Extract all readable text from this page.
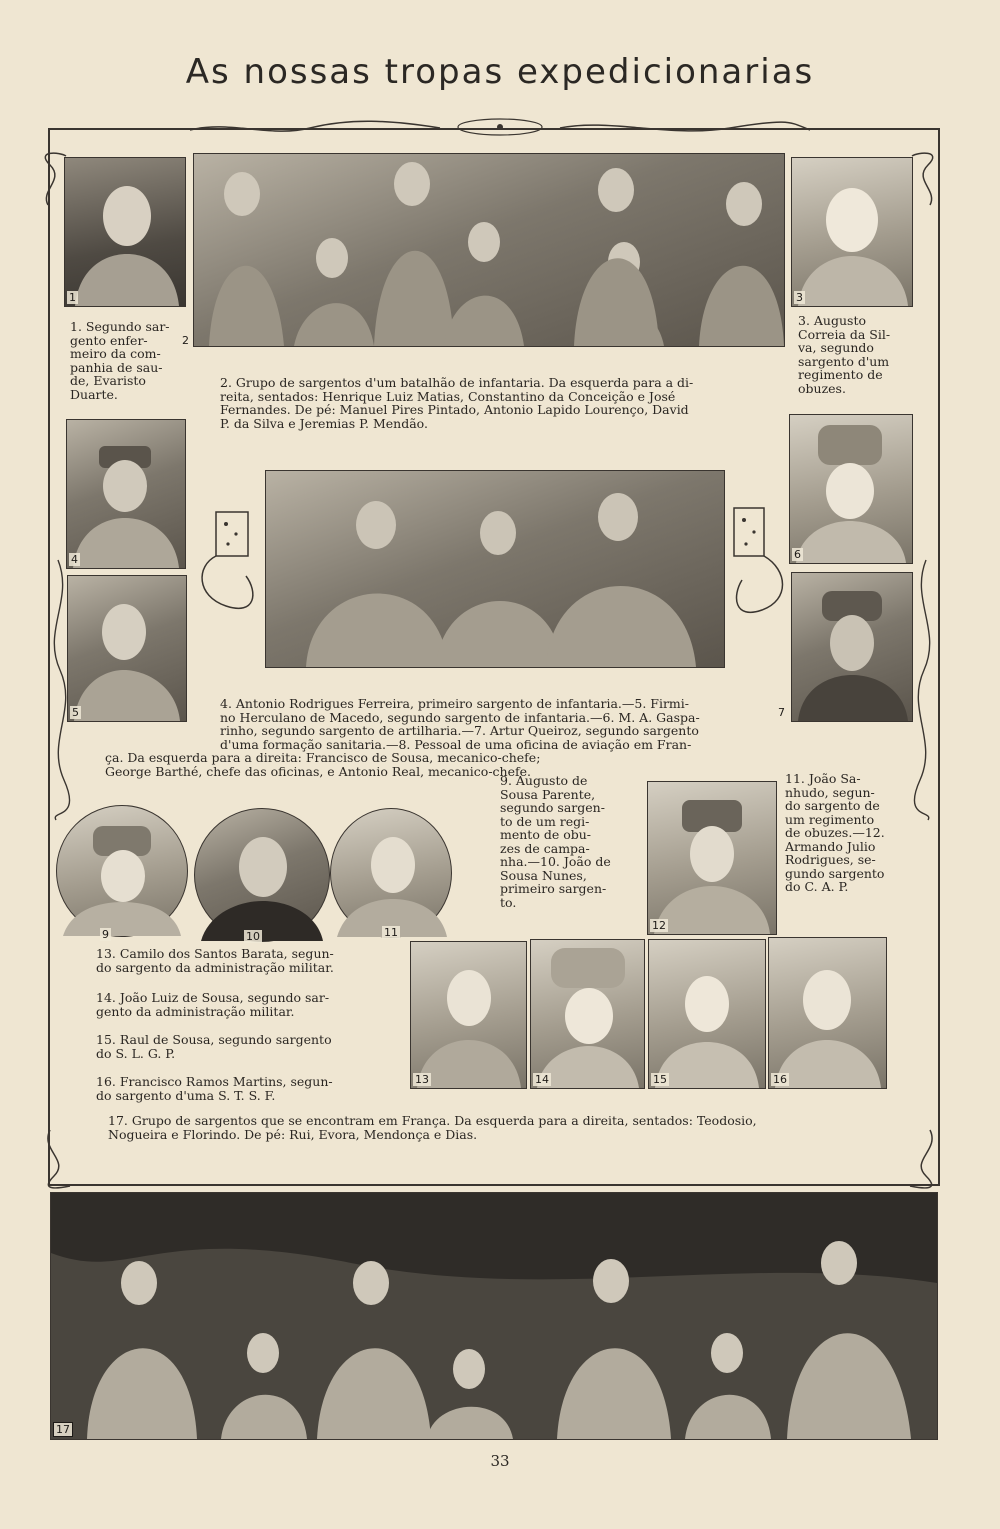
As nossas tropas expedicionarias
1
2
3
1. Segundo sar-
gento enfer-
meiro da com-
panhia de sau-
de, Evaristo
Duarte.
2. Grupo de sargentos d'um batalhão de infantaria. Da esquerda para a di-
reita, sentados: Henrique Luiz Matias, Constantino da Conceição e José
Fernandes. De pé: Manuel Pires Pintado, Antonio Lapido Lourenço, David
P. da Silva e Jeremias P. Mendão.
3. Augusto
Correia da Sil-
va, segundo
sargento d'um
regimento de
obuzes.
4	6
5	7
4. Antonio Rodrigues Ferreira, primeiro sargento de infantaria.—5. Firmi-
no Herculano de Macedo, segundo sargento de infantaria.—6. M. A. Gaspa-
rinho, segundo sargento de artilharia.—7. Artur Queiroz, segundo sargento
d'uma formação sanitaria.—8. Pessoal de uma oficina de aviação em Fran-
ça. Da esquerda para a direita: Francisco de Sousa, mecanico-chefe;
George Barthé, chefe das oficinas, e Antonio Real, mecanico-chefe.
9	10	11
9. Augusto de
Sousa Parente,
segundo sargen-
to de um regi-
mento de obu-
zes de campa-
nha.—10. João de
Sousa Nunes,
primeiro sargen-
to.
12
11. João Sa-
nhudo, segun-
do sargento de
um regimento
de obuzes.—12.
Armando Julio
Rodrigues, se-
gundo sargento
do C. A. P.
13. Camilo dos Santos Barata, segun-
do sargento da administração militar.
14. João Luiz de Sousa, segundo sar-
gento da administração militar.
15. Raul de Sousa, segundo sargento
do S. L. G. P.
16. Francisco Ramos Martins, segun-
do sargento d'uma S. T. S. F.
13	14	15	16
17. Grupo de sargentos que se encontram em França. Da esquerda para a direita, sentados: Teodosio,
Nogueira e Florindo. De pé: Rui, Evora, Mendonça e Dias.
17
33
